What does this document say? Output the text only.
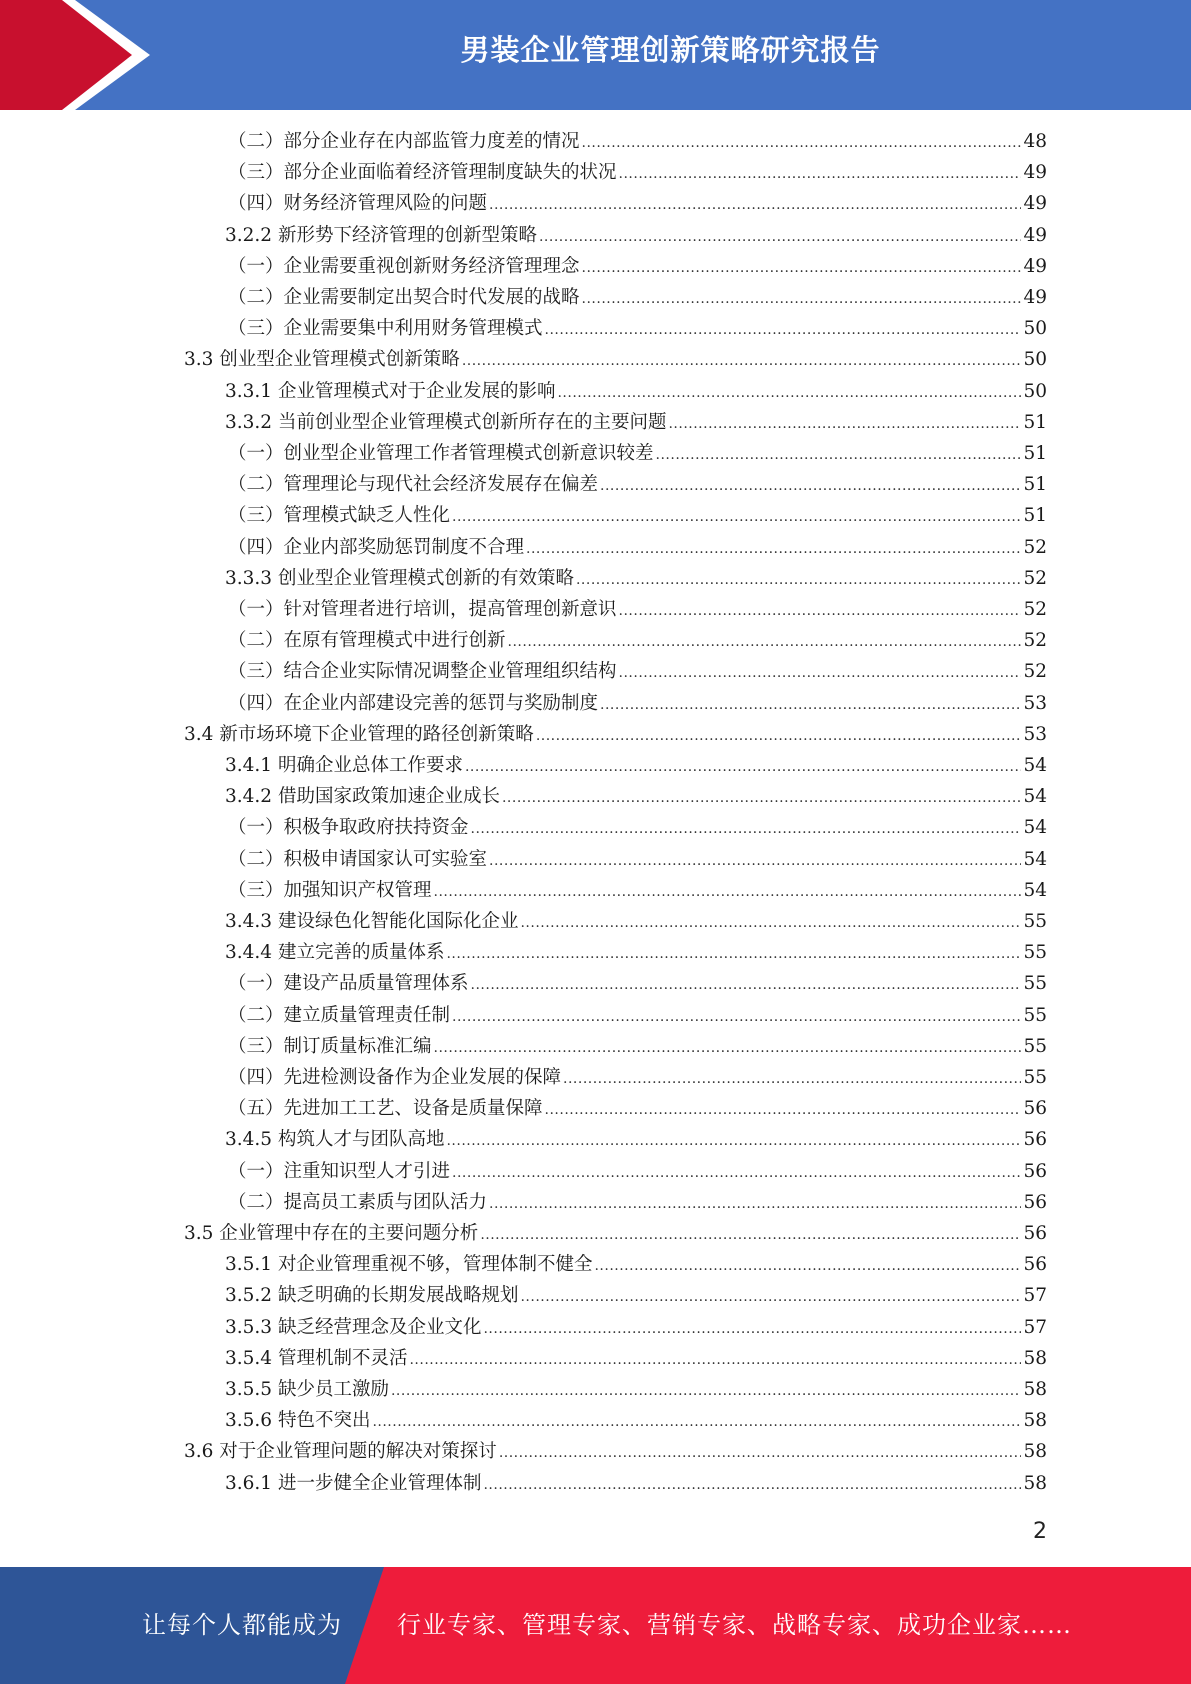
男装企业管理创新策略研究报告
（二）部分企业存在内部监管力度差的情况 .....	48
（三）部分企业面临着经济管理制度缺失的状况 .....	49
（四）财务经济管理风险的问题 .....	49
3.2.2 新形势下经济管理的创新型策略 .....	49
（一）企业需要重视创新财务经济管理理念 .....	49
（二）企业需要制定出契合时代发展的战略 .....	49
（三）企业需要集中利用财务管理模式 .....	50
3.3 创业型企业管理模式创新策略 .....	50
3.3.1 企业管理模式对于企业发展的影响 .....	50
3.3.2 当前创业型企业管理模式创新所存在的主要问题 .....	51
（一）创业型企业管理工作者管理模式创新意识较差 .....	51
（二）管理理论与现代社会经济发展存在偏差 .....	51
（三）管理模式缺乏人性化 .....	51
（四）企业内部奖励惩罚制度不合理 .....	52
3.3.3 创业型企业管理模式创新的有效策略 .....	52
（一）针对管理者进行培训，提高管理创新意识 .....	52
（二）在原有管理模式中进行创新 .....	52
（三）结合企业实际情况调整企业管理组织结构 .....	52
（四）在企业内部建设完善的惩罚与奖励制度 .....	53
3.4 新市场环境下企业管理的路径创新策略 .....	53
3.4.1 明确企业总体工作要求 .....	54
3.4.2 借助国家政策加速企业成长 .....	54
（一）积极争取政府扶持资金 .....	54
（二）积极申请国家认可实验室 .....	54
（三）加强知识产权管理 .....	54
3.4.3 建设绿色化智能化国际化企业 .....	55
3.4.4 建立完善的质量体系 .....	55
（一）建设产品质量管理体系 .....	55
（二）建立质量管理责任制 .....	55
（三）制订质量标准汇编 .....	55
（四）先进检测设备作为企业发展的保障 .....	55
（五）先进加工工艺、设备是质量保障 .....	56
3.4.5 构筑人才与团队高地 .....	56
（一）注重知识型人才引进 .....	56
（二）提高员工素质与团队活力 .....	56
3.5 企业管理中存在的主要问题分析 .....	56
3.5.1 对企业管理重视不够，管理体制不健全 .....	56
3.5.2 缺乏明确的长期发展战略规划 .....	57
3.5.3 缺乏经营理念及企业文化 .....	57
3.5.4 管理机制不灵活 .....	58
3.5.5 缺少员工激励 .....	58
3.5.6 特色不突出 .....	58
3.6 对于企业管理问题的解决对策探讨 .....	58
3.6.1 进一步健全企业管理体制 .....	58
2
让每个人都能成为 行业专家、管理专家、营销专家、战略专家、成功企业家……
